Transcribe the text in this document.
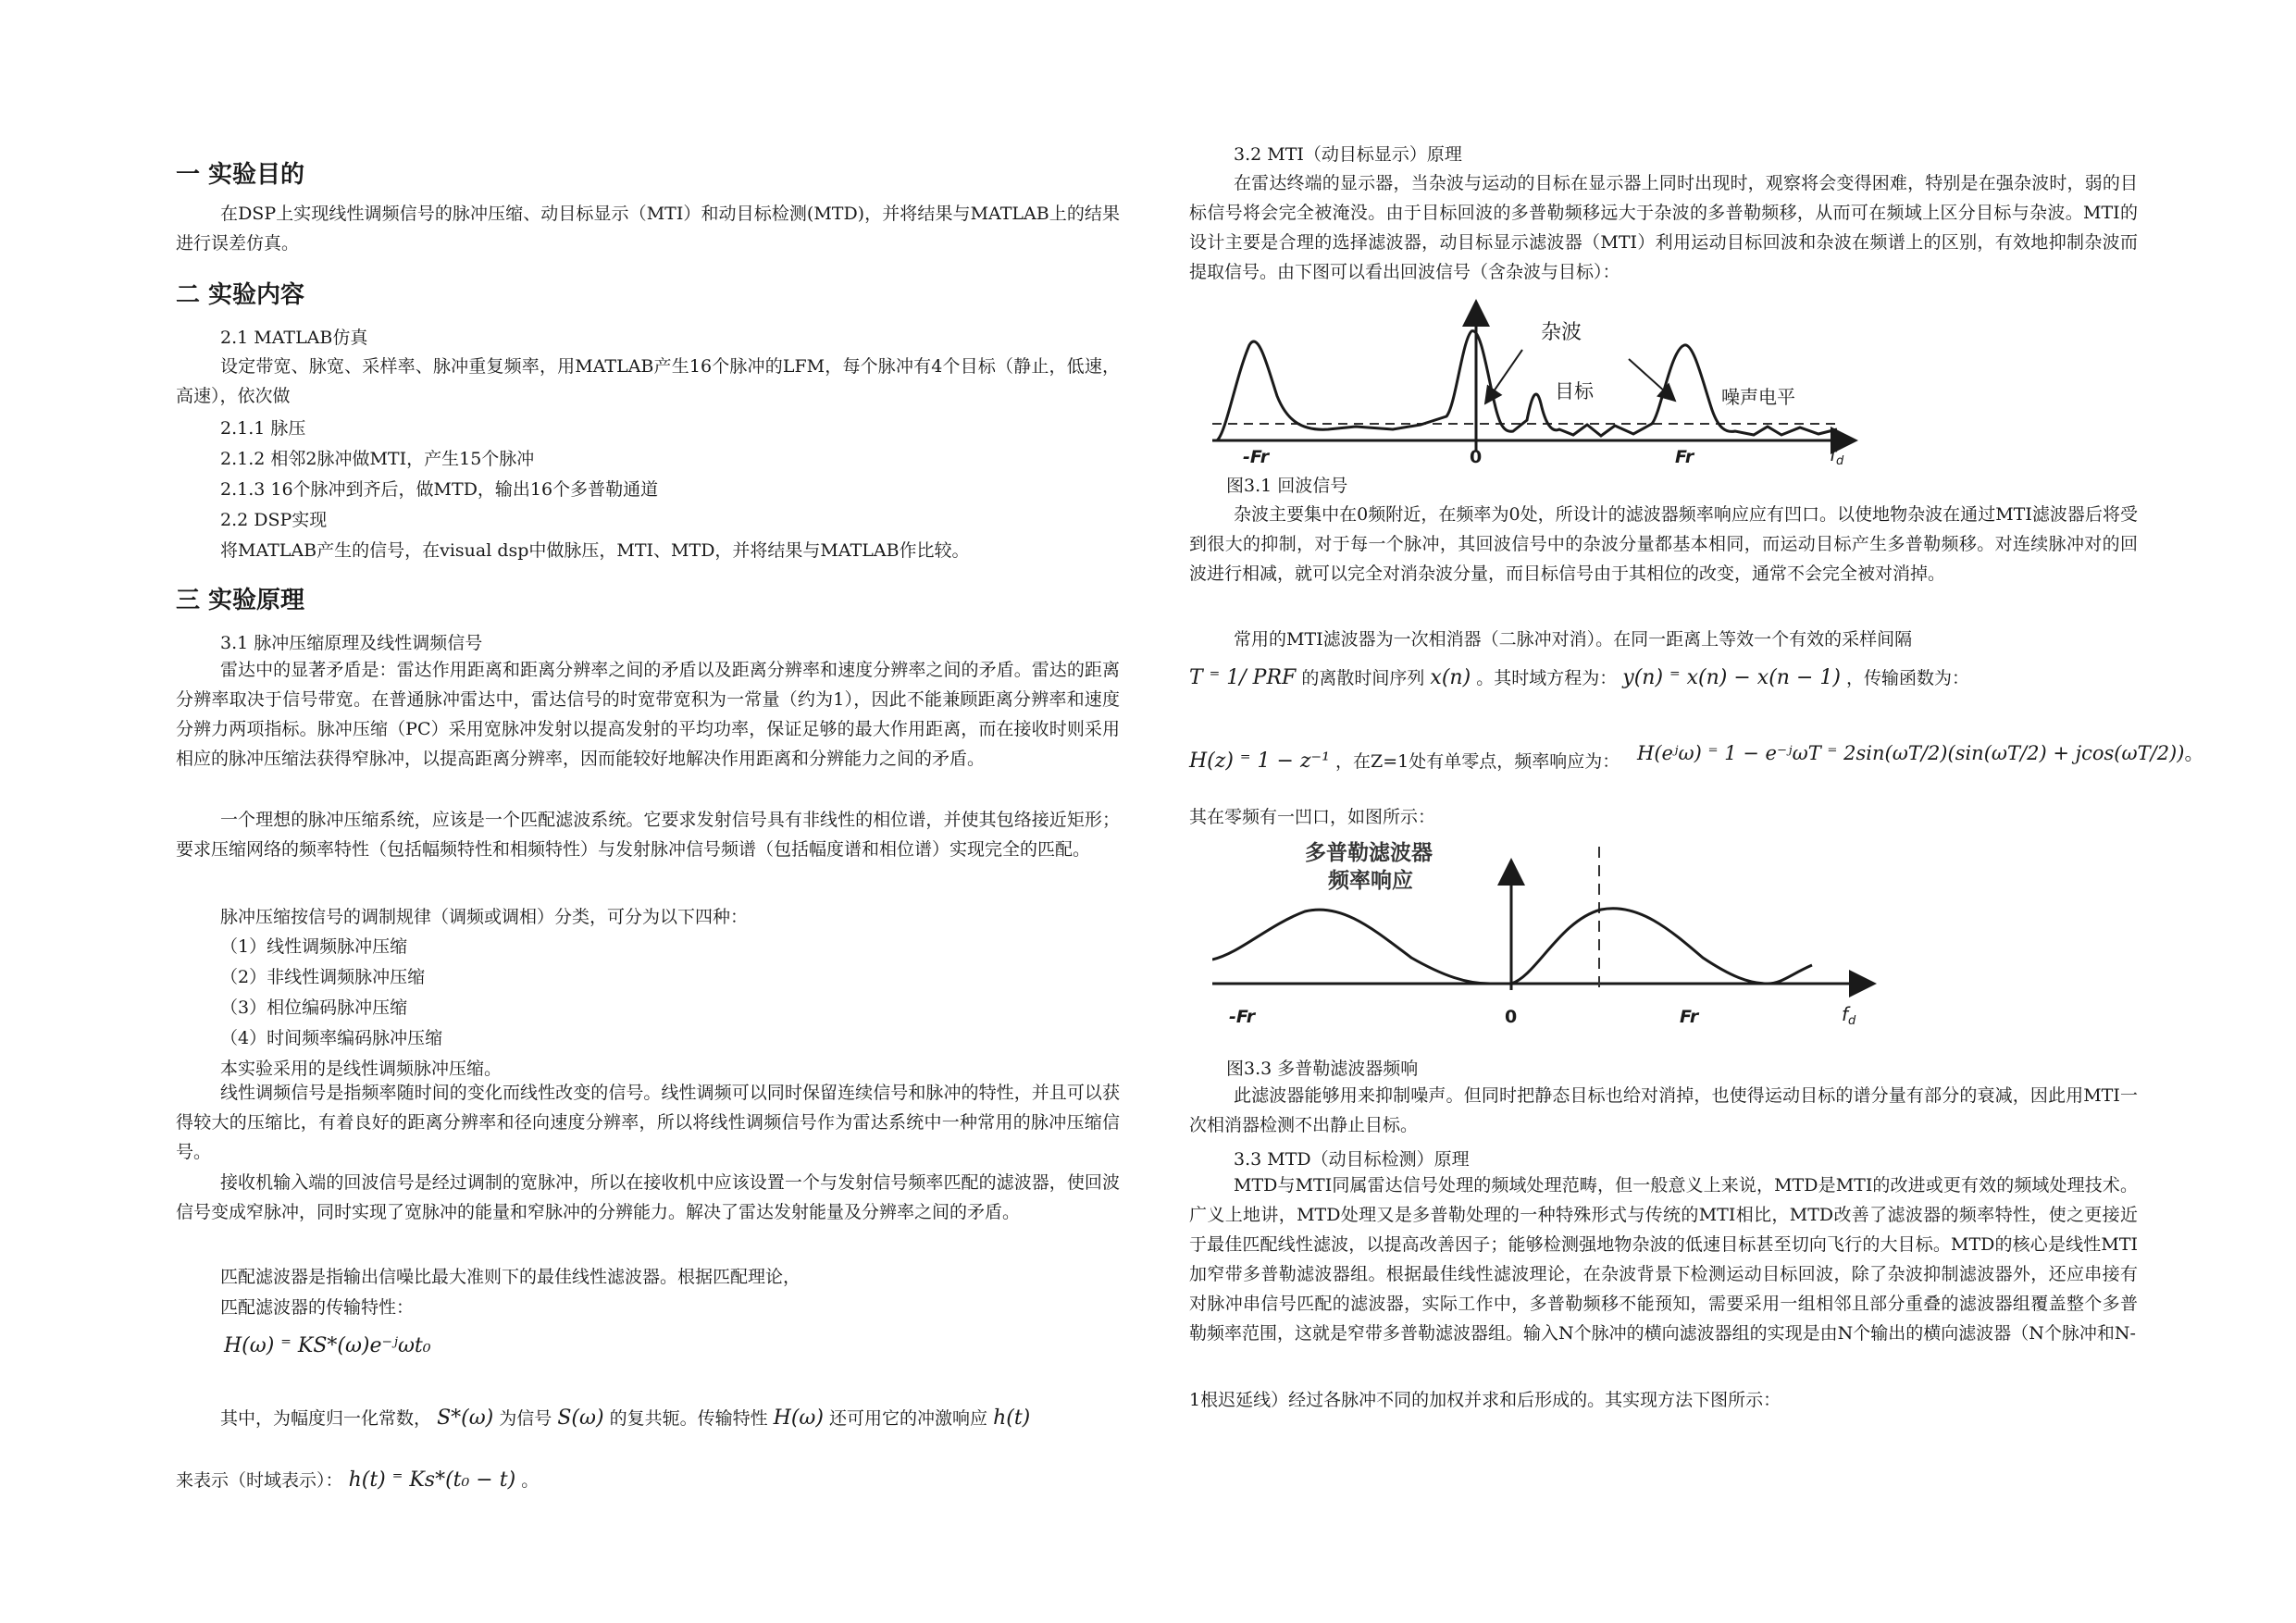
一 实验目的
在DSP上实现线性调频信号的脉冲压缩、动目标显示（MTI）和动目标检测(MTD)，并将结果与MATLAB上的结果进行误差仿真。
二 实验内容
2.1 MATLAB仿真
设定带宽、脉宽、采样率、脉冲重复频率，用MATLAB产生16个脉冲的LFM，每个脉冲有4个目标（静止，低速，高速），依次做
2.1.1 脉压
2.1.2 相邻2脉冲做MTI，产生15个脉冲
2.1.3 16个脉冲到齐后，做MTD，输出16个多普勒通道
2.2 DSP实现
将MATLAB产生的信号，在visual dsp中做脉压，MTI、MTD，并将结果与MATLAB作比较。
三 实验原理
3.1 脉冲压缩原理及线性调频信号
雷达中的显著矛盾是：雷达作用距离和距离分辨率之间的矛盾以及距离分辨率和速度分辨率之间的矛盾。雷达的距离分辨率取决于信号带宽。在普通脉冲雷达中，雷达信号的时宽带宽积为一常量（约为1），因此不能兼顾距离分辨率和速度分辨力两项指标。脉冲压缩（PC）采用宽脉冲发射以提高发射的平均功率，保证足够的最大作用距离，而在接收时则采用相应的脉冲压缩法获得窄脉冲，以提高距离分辨率，因而能较好地解决作用距离和分辨能力之间的矛盾。
一个理想的脉冲压缩系统，应该是一个匹配滤波系统。它要求发射信号具有非线性的相位谱，并使其包络接近矩形；要求压缩网络的频率特性（包括幅频特性和相频特性）与发射脉冲信号频谱（包括幅度谱和相位谱）实现完全的匹配。
脉冲压缩按信号的调制规律（调频或调相）分类，可分为以下四种：
（1）线性调频脉冲压缩
（2）非线性调频脉冲压缩
（3）相位编码脉冲压缩
（4）时间频率编码脉冲压缩
本实验采用的是线性调频脉冲压缩。
线性调频信号是指频率随时间的变化而线性改变的信号。线性调频可以同时保留连续信号和脉冲的特性，并且可以获得较大的压缩比，有着良好的距离分辨率和径向速度分辨率，所以将线性调频信号作为雷达系统中一种常用的脉冲压缩信号。
接收机输入端的回波信号是经过调制的宽脉冲，所以在接收机中应该设置一个与发射信号频率匹配的滤波器，使回波信号变成窄脉冲，同时实现了宽脉冲的能量和窄脉冲的分辨能力。解决了雷达发射能量及分辨率之间的矛盾。
匹配滤波器是指输出信噪比最大准则下的最佳线性滤波器。根据匹配理论，
匹配滤波器的传输特性：
H(ω) ⁼ KS*(ω)e⁻ʲωt₀
其中，为幅度归一化常数， S*(ω) 为信号 S(ω) 的复共轭。传输特性 H(ω) 还可用它的冲激响应 h(t)
来表示（时域表示）： h(t) ⁼ Ks*(t₀ − t) 。
3.2 MTI（动目标显示）原理
在雷达终端的显示器，当杂波与运动的目标在显示器上同时出现时，观察将会变得困难，特别是在强杂波时，弱的目标信号将会完全被淹没。由于目标回波的多普勒频移远大于杂波的多普勒频移，从而可在频域上区分目标与杂波。MTI的设计主要是合理的选择滤波器，动目标显示滤波器（MTI）利用运动目标回波和杂波在频谱上的区别，有效地抑制杂波而提取信号。由下图可以看出回波信号（含杂波与目标）：
杂波
目标	噪声电平
-Fr	0	Fr	$f_d$
图3.1 回波信号
杂波主要集中在0频附近，在频率为0处，所设计的滤波器频率响应应有凹口。以使地物杂波在通过MTI滤波器后将受到很大的抑制，对于每一个脉冲，其回波信号中的杂波分量都基本相同，而运动目标产生多普勒频移。对连续脉冲对的回波进行相减，就可以完全对消杂波分量，而目标信号由于其相位的改变，通常不会完全被对消掉。
常用的MTI滤波器为一次相消器（二脉冲对消）。在同一距离上等效一个有效的采样间隔
T ⁼ 1/ PRF 的离散时间序列 x(n) 。其时域方程为： y(n) ⁼ x(n) − x(n − 1) ，传输函数为：
H(z) ⁼ 1 − z⁻¹ ，在Z=1处有单零点，频率响应为： H(eʲω) ⁼ 1 − e⁻ʲωT ⁼ 2sin(ωT/2)(sin(ωT/2) + jcos(ωT/2))。
其在零频有一凹口，如图所示：
多普勒滤波器
频率响应
-Fr	0	Fr	$f_d$
图3.3 多普勒滤波器频响
此滤波器能够用来抑制噪声。但同时把静态目标也给对消掉，也使得运动目标的谱分量有部分的衰减，因此用MTI一次相消器检测不出静止目标。
3.3 MTD（动目标检测）原理
MTD与MTI同属雷达信号处理的频域处理范畴，但一般意义上来说，MTD是MTI的改进或更有效的频域处理技术。广义上地讲，MTD处理又是多普勒处理的一种特殊形式与传统的MTI相比，MTD改善了滤波器的频率特性，使之更接近于最佳匹配线性滤波，以提高改善因子；能够检测强地物杂波的低速目标甚至切向飞行的大目标。MTD的核心是线性MTI加窄带多普勒滤波器组。根据最佳线性滤波理论，在杂波背景下检测运动目标回波，除了杂波抑制滤波器外，还应串接有对脉冲串信号匹配的滤波器，实际工作中，多普勒频移不能预知，需要采用一组相邻且部分重叠的滤波器组覆盖整个多普勒频率范围，这就是窄带多普勒滤波器组。输入N个脉冲的横向滤波器组的实现是由N个输出的横向滤波器（N个脉冲和N-
1根迟延线）经过各脉冲不同的加权并求和后形成的。其实现方法下图所示：
